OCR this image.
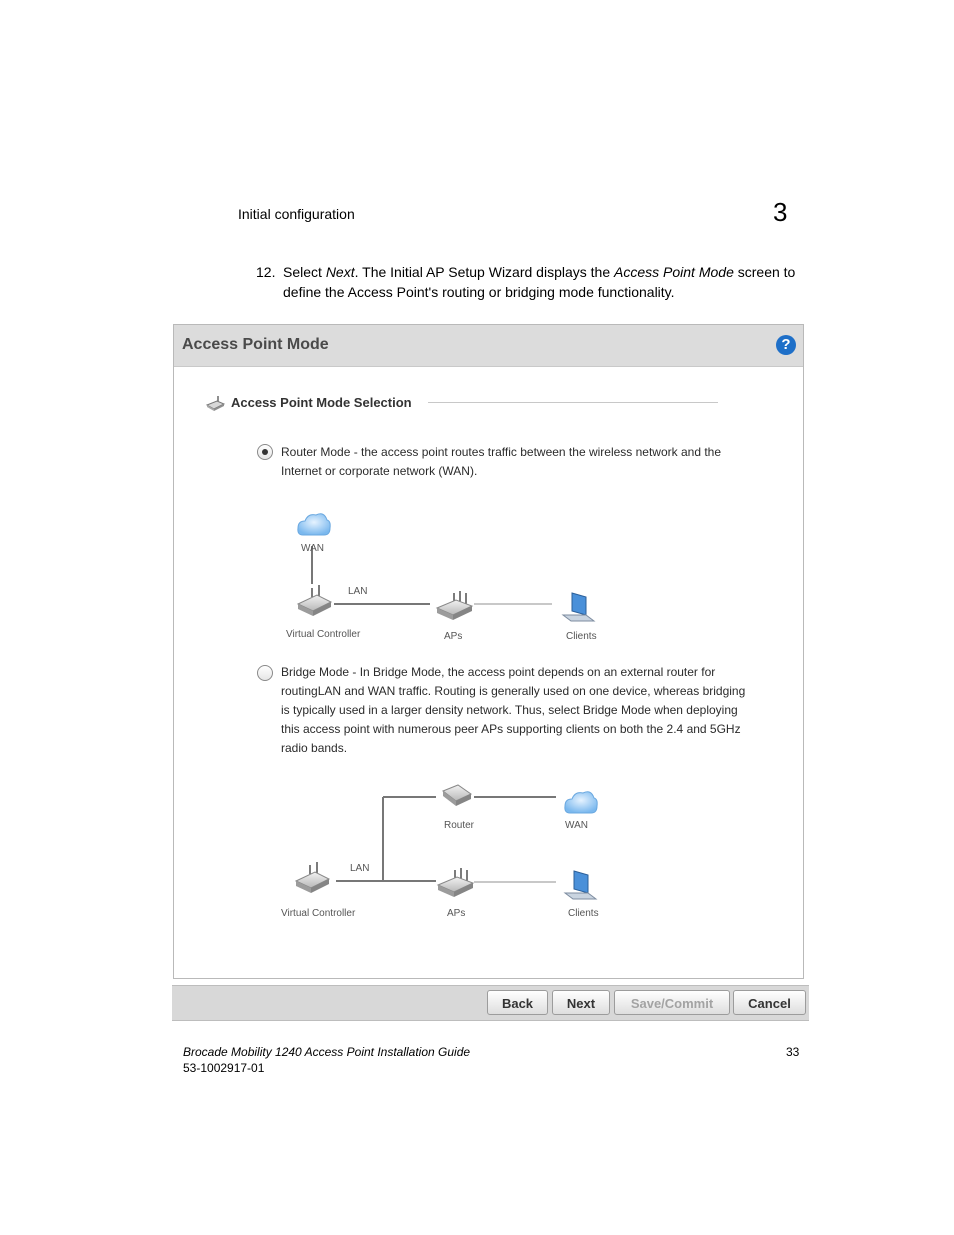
Initial configuration	3
12. Select Next. The Initial AP Setup Wizard displays the Access Point Mode screen to define the Access Point's routing or bridging mode functionality.
Access Point Mode	?
Access Point Mode Selection
Router Mode - the access point routes traffic between the wireless network and the Internet or corporate network (WAN).
Bridge Mode - In Bridge Mode, the access point depends on an external router for routingLAN and WAN traffic. Routing is generally used on one device, whereas bridging is typically used in a larger density network. Thus, select Bridge Mode when deploying this access point with numerous peer APs supporting clients on both the 2.4 and 5GHz radio bands.
WAN
LAN
Virtual Controller	APs	Clients
Router	WAN
LAN
Virtual Controller	APs	Clients
Back	Next	Save/Commit	Cancel
Brocade Mobility 1240 Access Point Installation Guide
53-1002917-01
33
